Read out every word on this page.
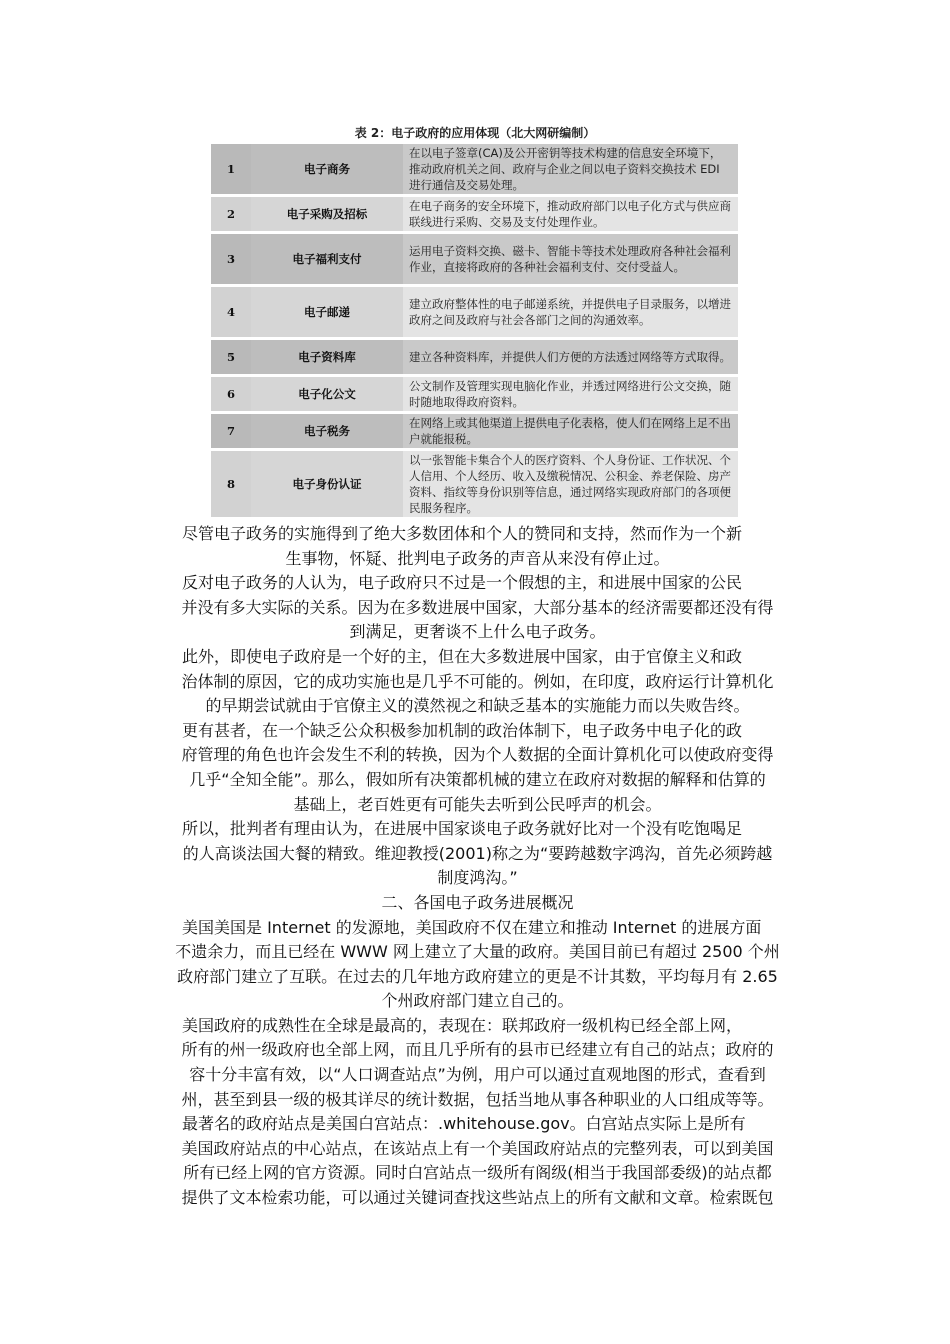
表 2：电子政府的应用体现（北大网研编制）
1	电子商务	在以电子签章(CA)及公开密钥等技术构建的信息安全环境下，推动政府机关之间、政府与企业之间以电子资料交换技术 EDI 进行通信及交易处理。
2	电子采购及招标	在电子商务的安全环境下，推动政府部门以电子化方式与供应商联线进行采购、交易及支付处理作业。
3	电子福利支付	运用电子资料交换、磁卡、智能卡等技术处理政府各种社会福利作业，直接将政府的各种社会福利支付、交付受益人。
4	电子邮递	建立政府整体性的电子邮递系统，并提供电子目录服务，以增进政府之间及政府与社会各部门之间的沟通效率。
5	电子资料库	建立各种资料库，并提供人们方便的方法透过网络等方式取得。
6	电子化公文	公文制作及管理实现电脑化作业，并透过网络进行公文交换，随时随地取得政府资料。
7	电子税务	在网络上或其他渠道上提供电子化表格，使人们在网络上足不出户就能报税。
8	电子身份认证	以一张智能卡集合个人的医疗资料、个人身份证、工作状况、个人信用、个人经历、收入及缴税情况、公积金、养老保险、房产资料、指纹等身份识别等信息，通过网络实现政府部门的各项便民服务程序。

尽管电子政务的实施得到了绝大多数团体和个人的赞同和支持，然而作为一个新

生事物，怀疑、批判电子政务的声音从来没有停止过。

反对电子政务的人认为，电子政府只不过是一个假想的主，和进展中国家的公民

并没有多大实际的关系。因为在多数进展中国家，大部分基本的经济需要都还没有得

到满足，更奢谈不上什么电子政务。

此外，即使电子政府是一个好的主，但在大多数进展中国家，由于官僚主义和政

治体制的原因，它的成功实施也是几乎不可能的。例如，在印度，政府运行计算机化

的早期尝试就由于官僚主义的漠然视之和缺乏基本的实施能力而以失败告终。

更有甚者，在一个缺乏公众积极参加机制的政治体制下，电子政务中电子化的政

府管理的角色也许会发生不利的转换，因为个人数据的全面计算机化可以使政府变得

几乎“全知全能”。那么，假如所有决策都机械的建立在政府对数据的解释和估算的

基础上，老百姓更有可能失去听到公民呼声的机会。

所以，批判者有理由认为，在进展中国家谈电子政务就好比对一个没有吃饱喝足

的人高谈法国大餐的精致。维迎教授(2001)称之为“要跨越数字鸿沟，首先必须跨越

制度鸿沟。”

二、各国电子政务进展概况

美国美国是 Internet 的发源地，美国政府不仅在建立和推动 Internet 的进展方面

不遗余力，而且已经在 WWW 网上建立了大量的政府。美国目前已有超过 2500 个州

政府部门建立了互联。在过去的几年地方政府建立的更是不计其数，平均每月有 2.65

个州政府部门建立自己的。

美国政府的成熟性在全球是最高的，表现在：联邦政府一级机构已经全部上网，

所有的州一级政府也全部上网，而且几乎所有的县市已经建立有自己的站点；政府的

容十分丰富有效，以“人口调查站点”为例，用户可以通过直观地图的形式，查看到

州，甚至到县一级的极其详尽的统计数据，包括当地从事各种职业的人口组成等等。

最著名的政府站点是美国白宫站点：.whitehouse.gov。白宫站点实际上是所有

美国政府站点的中心站点，在该站点上有一个美国政府站点的完整列表，可以到美国

所有已经上网的官方资源。同时白宫站点一级所有阁级(相当于我国部委级)的站点都

提供了文本检索功能，可以通过关键词查找这些站点上的所有文献和文章。检索既包
